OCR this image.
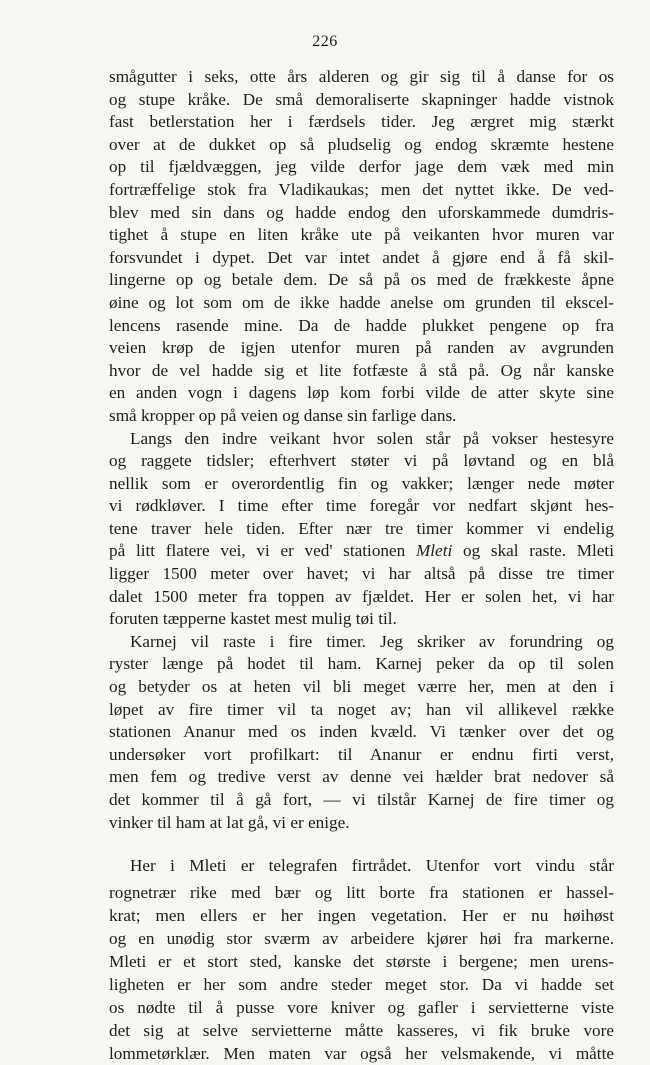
226
smågutter i seks, otte års alderen og gir sig til å danse for os
og stupe kråke. De små demoraliserte skapninger hadde vistnok
fast betlerstation her i færdsels tider. Jeg ærgret mig stærkt
over at de dukket op så pludselig og endog skræmte hestene
op til fjældvæggen, jeg vilde derfor jage dem væk med min
fortræffelige stok fra Vladikaukas; men det nyttet ikke. De ved-
blev med sin dans og hadde endog den uforskammede dumdris-
tighet å stupe en liten kråke ute på veikanten hvor muren var
forsvundet i dypet. Det var intet andet å gjøre end å få skil-
lingerne op og betale dem. De så på os med de frækkeste åpne
øine og lot som om de ikke hadde anelse om grunden til ekscel-
lencens rasende mine. Da de hadde plukket pengene op fra
veien krøp de igjen utenfor muren på randen av avgrunden
hvor de vel hadde sig et lite fotfæste å stå på. Og når kanske
en anden vogn i dagens løp kom forbi vilde de atter skyte sine
små kropper op på veien og danse sin farlige dans.
Langs den indre veikant hvor solen står på vokser hestesyre
og raggete tidsler; efterhvert støter vi på løvtand og en blå
nellik som er overordentlig fin og vakker; længer nede møter
vi rødkløver. I time efter time foregår vor nedfart skjønt hes-
tene traver hele tiden. Efter nær tre timer kommer vi endelig
på litt flatere vei, vi er ved' stationen Mleti og skal raste. Mleti
ligger 1500 meter over havet; vi har altså på disse tre timer
dalet 1500 meter fra toppen av fjældet. Her er solen het, vi har
foruten tæpperne kastet mest mulig tøi til.
Karnej vil raste i fire timer. Jeg skriker av forundring og
ryster længe på hodet til ham. Karnej peker da op til solen
og betyder os at heten vil bli meget værre her, men at den i
løpet av fire timer vil ta noget av; han vil allikevel række
stationen Ananur med os inden kvæld. Vi tænker over det og
undersøker vort profilkart: til Ananur er endnu firti verst,
men fem og tredive verst av denne vei hælder brat nedover så
det kommer til å gå fort, — vi tilstår Karnej de fire timer og
vinker til ham at lat gå, vi er enige.
Her i Mleti er telegrafen firtrådet. Utenfor vort vindu står
rognetrær rike med bær og litt borte fra stationen er hassel-
krat; men ellers er her ingen vegetation. Her er nu høihøst
og en unødig stor sværm av arbeidere kjører høi fra markerne.
Mleti er et stort sted, kanske det største i bergene; men urens-
ligheten er her som andre steder meget stor. Da vi hadde set
os nødte til å pusse vore kniver og gafler i servietterne viste
det sig at selve servietterne måtte kasseres, vi fik bruke vore
lommetørklær. Men maten var også her velsmakende, vi måtte
